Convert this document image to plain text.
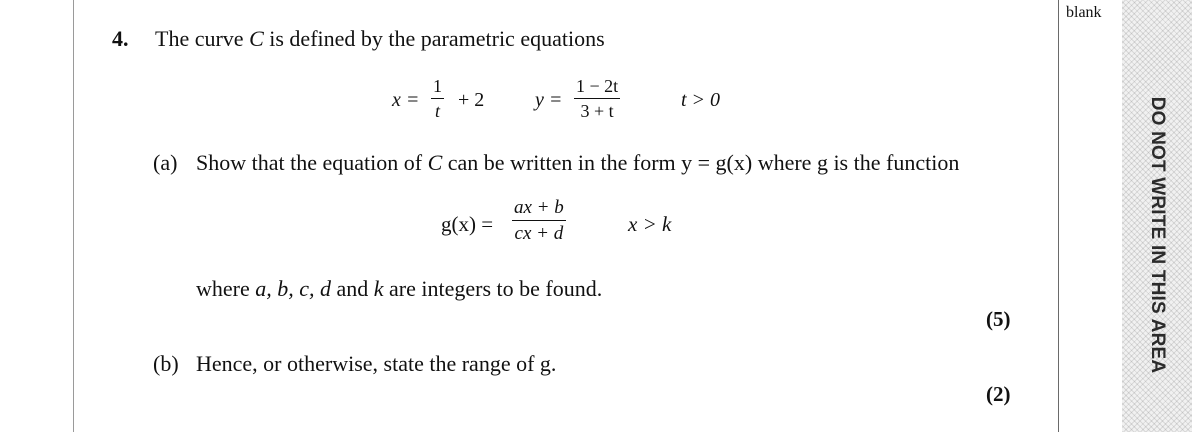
blank
DO NOT WRITE IN THIS AREA
4. The curve C is defined by the parametric equations
x =
1
t + 2	y =
1 − 2t
3 + t	t > 0
(a) Show that the equation of C can be written in the form y = g(x) where g is the function
g(x) =
ax + b
cx + d	x > k
where a, b, c, d and k are integers to be found.
(5)
(b) Hence, or otherwise, state the range of g.
(2)
